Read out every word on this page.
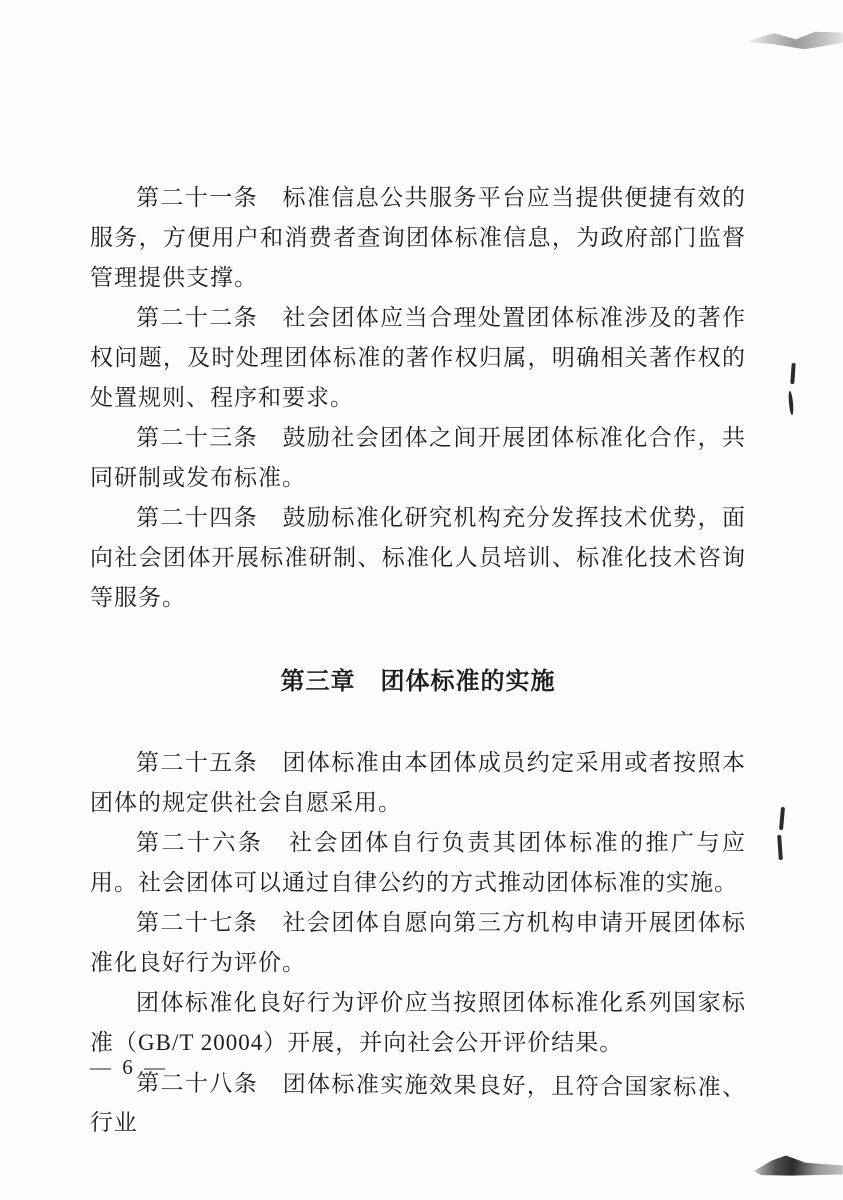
第二十一条　标准信息公共服务平台应当提供便捷有效的服务，方便用户和消费者查询团体标准信息，为政府部门监督管理提供支撑。

第二十二条　社会团体应当合理处置团体标准涉及的著作权问题，及时处理团体标准的著作权归属，明确相关著作权的处置规则、程序和要求。

第二十三条　鼓励社会团体之间开展团体标准化合作，共同研制或发布标准。

第二十四条　鼓励标准化研究机构充分发挥技术优势，面向社会团体开展标准研制、标准化人员培训、标准化技术咨询等服务。

第三章　团体标准的实施

第二十五条　团体标准由本团体成员约定采用或者按照本团体的规定供社会自愿采用。

第二十六条　社会团体自行负责其团体标准的推广与应用。社会团体可以通过自律公约的方式推动团体标准的实施。

第二十七条　社会团体自愿向第三方机构申请开展团体标准化良好行为评价。

团体标准化良好行为评价应当按照团体标准化系列国家标准（GB/T 20004）开展，并向社会公开评价结果。

第二十八条　团体标准实施效果良好，且符合国家标准、行业

— 6 —
